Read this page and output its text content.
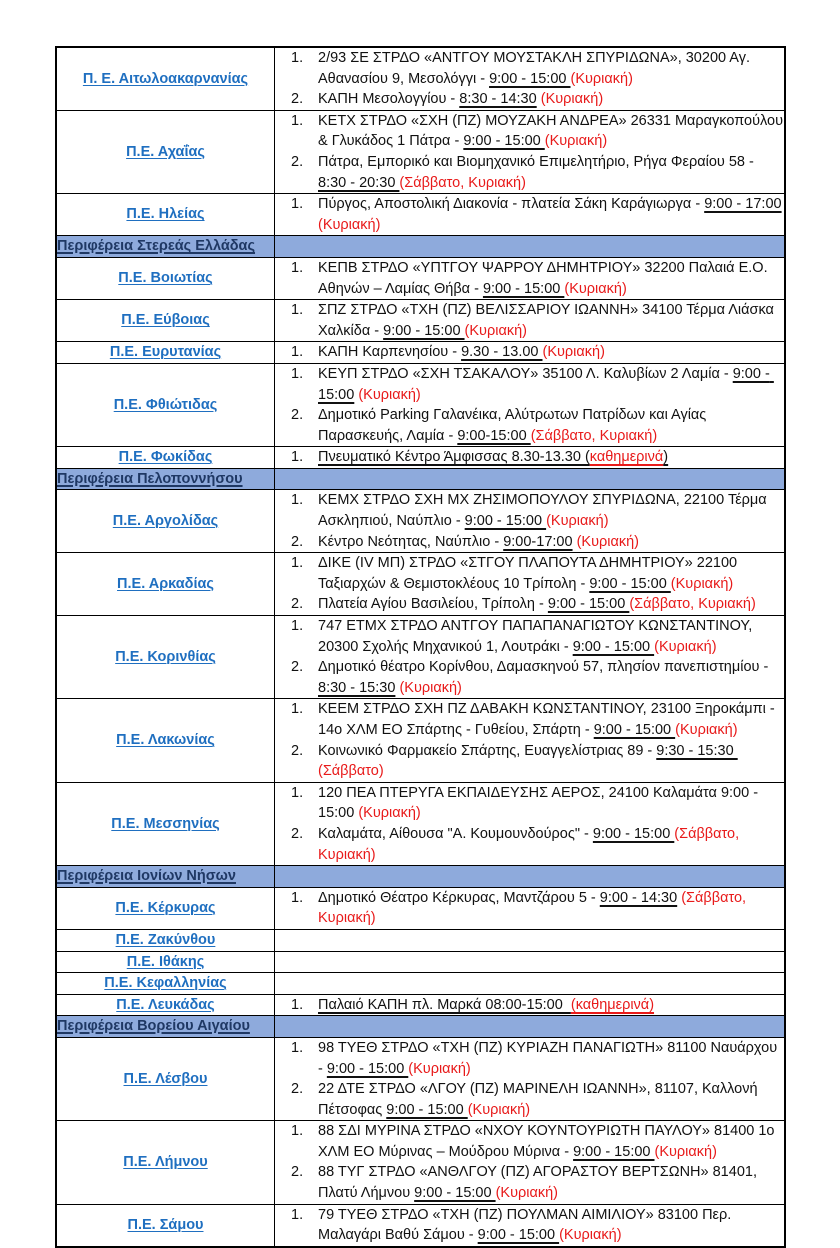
Π. Ε. Αιτωλοακαρνανίας	1. 2/93 ΣΕ ΣΤΡΔΟ «ΑΝΤΓΟΥ ΜΟΥΣΤΑΚΛΗ ΣΠΥΡΙΔΩΝΑ», 30200 Αγ. Αθανασίου 9, Μεσολόγγι - 9:00 - 15:00 (Κυριακή)
2. ΚΑΠΗ Μεσολογγίου - 8:30 - 14:30 (Κυριακή)

Π.Ε. Αχαΐας	1. ΚΕΤΧ ΣΤΡΔΟ «ΣΧΗ (ΠΖ) ΜΟΥΖΑΚΗ ΑΝΔΡΕΑ» 26331 Μαραγκοπούλου & Γλυκάδος 1 Πάτρα - 9:00 - 15:00 (Κυριακή)
2. Πάτρα, Εμπορικό και Βιομηχανικό Επιμελητήριο, Ρήγα Φεραίου 58 - 8:30 - 20:30 (Σάββατο, Κυριακή)

Π.Ε. Ηλείας	1. Πύργος, Αποστολική Διακονία - πλατεία Σάκη Καράγιωργα - 9:00 - 17:00 (Κυριακή)

Περιφέρεια Στερεάς Ελλάδας	
Π.Ε. Βοιωτίας	1. ΚΕΠΒ ΣΤΡΔΟ «ΥΠΤΓΟΥ ΨΑΡΡΟΥ ΔΗΜΗΤΡΙΟΥ» 32200 Παλαιά Ε.Ο. Αθηνών – Λαμίας Θήβα - 9:00 - 15:00 (Κυριακή)

Π.Ε. Εύβοιας	1. ΣΠΖ ΣΤΡΔΟ «ΤΧΗ (ΠΖ) ΒΕΛΙΣΣΑΡΙΟΥ ΙΩΑΝΝΗ» 34100 Τέρμα Λιάσκα Χαλκίδα - 9:00 - 15:00 (Κυριακή)

Π.Ε. Ευρυτανίας	1. ΚΑΠΗ Καρπενησίου - 9.30 - 13.00 (Κυριακή)

Π.Ε. Φθιώτιδας	1. ΚΕΥΠ ΣΤΡΔΟ «ΣΧΗ ΤΣΑΚΑΛΟΥ» 35100 Λ. Καλυβίων 2 Λαμία - 9:00 - 15:00 (Κυριακή)
2. Δημοτικό Parking Γαλανέικα, Αλύτρωτων Πατρίδων και Αγίας Παρασκευής, Λαμία - 9:00-15:00 (Σάββατο, Κυριακή)

Π.Ε. Φωκίδας	1. Πνευματικό Κέντρο Άμφισσας 8.30-13.30 (καθημερινά)

Περιφέρεια Πελοποννήσου	
Π.Ε. Αργολίδας	1. ΚΕΜΧ ΣΤΡΔΟ ΣΧΗ ΜΧ ΖΗΣΙΜΟΠΟΥΛΟΥ ΣΠΥΡΙΔΩΝΑ, 22100 Τέρμα Ασκληπιού, Ναύπλιο - 9:00 - 15:00 (Κυριακή)
2. Κέντρο Νεότητας, Ναύπλιο - 9:00-17:00 (Κυριακή)

Π.Ε. Αρκαδίας	1. ΔΙΚΕ (IV ΜΠ) ΣΤΡΔΟ «ΣΤΓΟΥ ΠΛΑΠΟΥΤΑ ΔΗΜΗΤΡΙΟΥ» 22100 Ταξιαρχών & Θεμιστοκλέους 10 Τρίπολη - 9:00 - 15:00 (Κυριακή)
2. Πλατεία Αγίου Βασιλείου, Τρίπολη - 9:00 - 15:00 (Σάββατο, Κυριακή)

Π.Ε. Κορινθίας	1. 747 ΕΤΜΧ ΣΤΡΔΟ ΑΝΤΓΟΥ ΠΑΠΑΠΑΝΑΓΙΩΤΟΥ ΚΩΝΣΤΑΝΤΙΝΟΥ, 20300 Σχολής Μηχανικού 1, Λουτράκι - 9:00 - 15:00 (Κυριακή)
2. Δημοτικό θέατρο Κορίνθου, Δαμασκηνού 57, πλησίον πανεπιστημίου - 8:30 - 15:30 (Κυριακή)

Π.Ε. Λακωνίας	1. ΚΕΕΜ ΣΤΡΔΟ ΣΧΗ ΠΖ ΔΑΒΑΚΗ ΚΩΝΣΤΑΝΤΙΝΟΥ, 23100 Ξηροκάμπι - 14ο ΧΛΜ ΕΟ Σπάρτης - Γυθείου, Σπάρτη - 9:00 - 15:00 (Κυριακή)
2. Κοινωνικό Φαρμακείο Σπάρτης, Ευαγγελίστριας 89 - 9:30 - 15:30 (Σάββατο)

Π.Ε. Μεσσηνίας	1. 120 ΠΕΑ ΠΤΕΡΥΓΑ ΕΚΠΑΙΔΕΥΣΗΣ ΑΕΡΟΣ, 24100 Καλαμάτα 9:00 - 15:00 (Κυριακή)
2. Καλαμάτα, Αίθουσα "Α. Κουμουνδούρος" - 9:00 - 15:00 (Σάββατο, Κυριακή)

Περιφέρεια Ιονίων Νήσων	
Π.Ε. Κέρκυρας	1. Δημοτικό Θέατρο Κέρκυρας, Μαντζάρου 5 - 9:00 - 14:30 (Σάββατο, Κυριακή)

Π.Ε. Ζακύνθου	
Π.Ε. Ιθάκης	
Π.Ε. Κεφαλληνίας	
Π.Ε. Λευκάδας	1. Παλαιό ΚΑΠΗ πλ. Μαρκά 08:00-15:00  (καθημερινά)

Περιφέρεια Βορείου Αιγαίου	
Π.Ε. Λέσβου	1. 98 ΤΥΕΘ ΣΤΡΔΟ «ΤΧΗ (ΠΖ) ΚΥΡΙΑΖΗ ΠΑΝΑΓΙΩΤΗ» 81100 Ναυάρχου - 9:00 - 15:00 (Κυριακή)
2. 22 ΔΤΕ ΣΤΡΔΟ «ΛΓΟΥ (ΠΖ) ΜΑΡΙΝΕΛΗ ΙΩΑΝΝΗ», 81107, Καλλονή Πέτσοφας 9:00 - 15:00 (Κυριακή)

Π.Ε. Λήμνου	1. 88 ΣΔΙ ΜΥΡΙΝΑ ΣΤΡΔΟ «ΝΧΟΥ ΚΟΥΝΤΟΥΡΙΩΤΗ ΠΑΥΛΟΥ» 81400 1ο ΧΛΜ ΕΟ Μύρινας – Μούδρου Μύρινα - 9:00 - 15:00 (Κυριακή)
2. 88 ΤΥΓ ΣΤΡΔΟ «ΑΝΘΛΓΟΥ (ΠΖ) ΑΓΟΡΑΣΤΟΥ ΒΕΡΤΣΩΝΗ» 81401, Πλατύ Λήμνου 9:00 - 15:00 (Κυριακή)

Π.Ε. Σάμου	1. 79 ΤΥΕΘ ΣΤΡΔΟ «ΤΧΗ (ΠΖ) ΠΟΥΛΜΑΝ ΑΙΜΙΛΙΟΥ» 83100 Περ. Μαλαγάρι Βαθύ Σάμου - 9:00 - 15:00 (Κυριακή)
